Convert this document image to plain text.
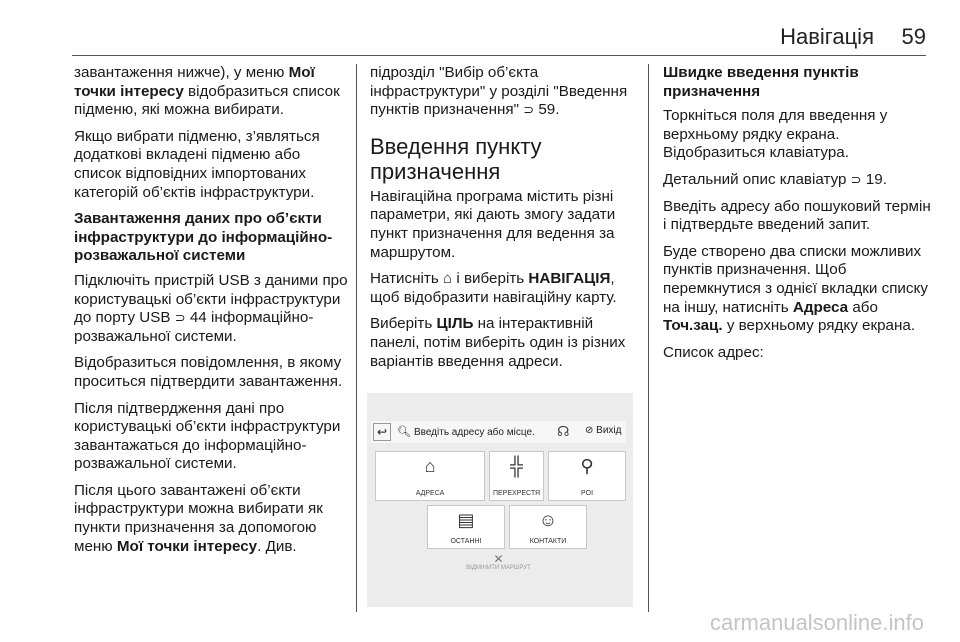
Навігація 59

завантаження нижче), у меню Мої точки інтересу відобразиться список підменю, які можна вибирати.

Якщо вибрати підменю, з’являться додаткові вкладені підменю або список відповідних імпортованих категорій об’єктів інфраструктури.

Завантаження даних про об’єкти інфраструктури до інформаційно-розважальної системи

Підключіть пристрій USB з даними про користувацькі об’єкти інфраструктури до порту USB ⊃ 44 інформаційно-розважальної системи.

Відобразиться повідомлення, в якому проситься підтвердити завантаження.

Після підтвердження дані про користувацькі об’єкти інфраструктури завантажаться до інформаційно-розважальної системи.

Після цього завантажені об’єкти інфраструктури можна вибирати як пункти призначення за допомогою меню Мої точки інтересу. Див.

підрозділ "Вибір об’єкта інфраструктури" у розділі "Введення пунктів призначення" ⊃ 59.

Введення пункту призначення

Навігаційна програма містить різні параметри, які дають змогу задати пункт призначення для ведення за маршрутом.

Натисніть ⌂ і виберіть НАВІГАЦІЯ, щоб відобразити навігаційну карту.

Виберіть ЦІЛЬ на інтерактивній панелі, потім виберіть один із різних варіантів введення адреси.

↩ 🔍︎ Введіть адресу або місце. ☊ ⊘ Вихід
⌂
АДРЕСА
╬
ПЕРЕХРЕСТЯ
⚲
POI
▤
ОСТАННІ
☺
КОНТАКТИ
✕
ВІДМІНИТИ МАРШРУТ

Швидке введення пунктів призначення

Торкніться поля для введення у верхньому рядку екрана. Відобразиться клавіатура.

Детальний опис клавіатур ⊃ 19.

Введіть адресу або пошуковий термін і підтвердьте введений запит.

Буде створено два списки можливих пунктів призначення. Щоб перемкнутися з однієї вкладки списку на іншу, натисніть Адреса або Точ.зац. у верхньому рядку екрана.

Список адрес:

carmanualsonline.info
